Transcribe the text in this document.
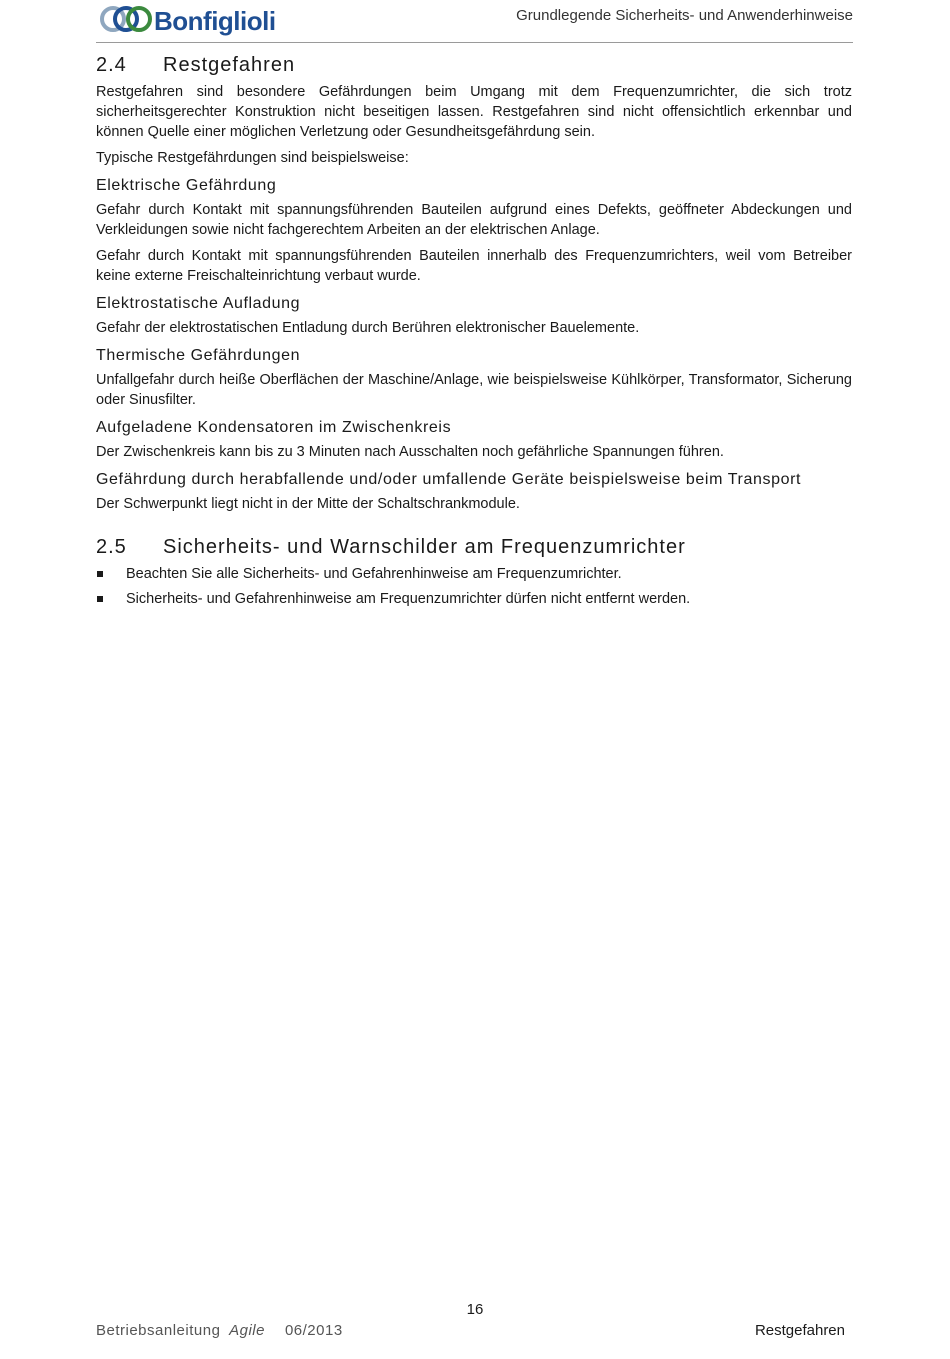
Bonfiglioli	Grundlegende Sicherheits- und Anwenderhinweise
2.4 Restgefahren

Restgefahren sind besondere Gefährdungen beim Umgang mit dem Frequenzumrichter, die sich trotz sicherheitsgerechter Konstruktion nicht beseitigen lassen. Restgefahren sind nicht offensichtlich erkennbar und können Quelle einer möglichen Verletzung oder Gesundheitsgefährdung sein.

Typische Restgefährdungen sind beispielsweise:

Elektrische Gefährdung

Gefahr durch Kontakt mit spannungsführenden Bauteilen aufgrund eines Defekts, geöffneter Abdeckungen und Verkleidungen sowie nicht fachgerechtem Arbeiten an der elektrischen Anlage.

Gefahr durch Kontakt mit spannungsführenden Bauteilen innerhalb des Frequenzumrichters, weil vom Betreiber keine externe Freischalteinrichtung verbaut wurde.

Elektrostatische Aufladung

Gefahr der elektrostatischen Entladung durch Berühren elektronischer Bauelemente.

Thermische Gefährdungen

Unfallgefahr durch heiße Oberflächen der Maschine/Anlage, wie beispielsweise Kühlkörper, Transformator, Sicherung oder Sinusfilter.

Aufgeladene Kondensatoren im Zwischenkreis

Der Zwischenkreis kann bis zu 3 Minuten nach Ausschalten noch gefährliche Spannungen führen.

Gefährdung durch herabfallende und/oder umfallende Geräte beispielsweise beim Transport

Der Schwerpunkt liegt nicht in der Mitte der Schaltschrankmodule.

2.5 Sicherheits- und Warnschilder am Frequenzumrichter
Beachten Sie alle Sicherheits- und Gefahrenhinweise am Frequenzumrichter.
Sicherheits- und Gefahrenhinweise am Frequenzumrichter dürfen nicht entfernt werden.
16
Betriebsanleitung Agile 06/2013	Restgefahren
